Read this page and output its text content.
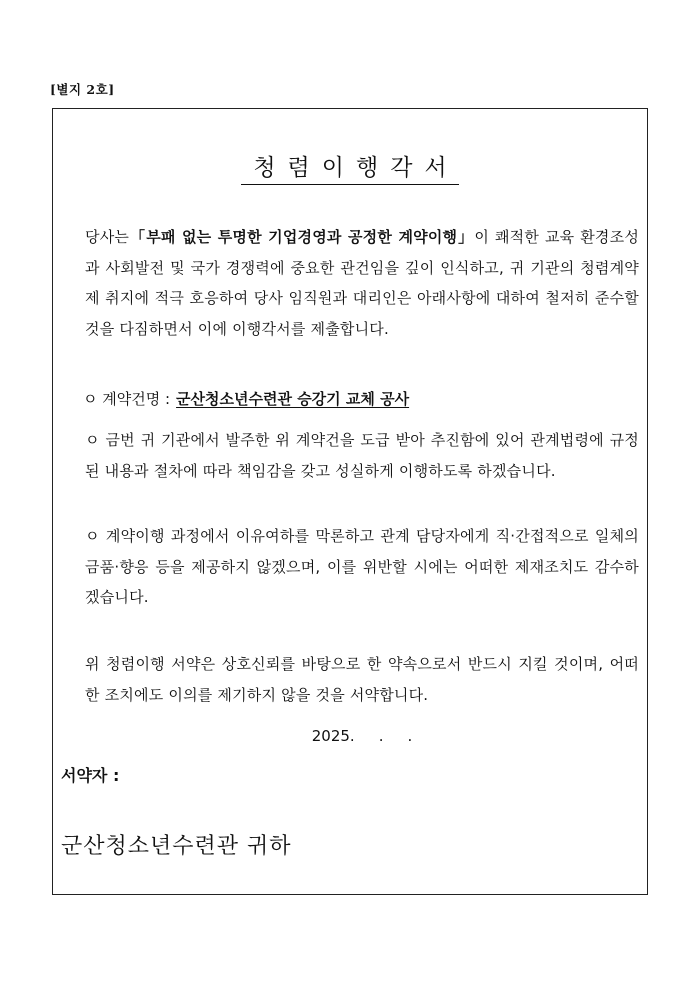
[별지 2호]
청렴이행각서
당사는「부패 없는 투명한 기업경영과 공정한 계약이행」이 쾌적한 교육 환경조성과 사회발전 및 국가 경쟁력에 중요한 관건임을 깊이 인식하고, 귀 기관의 청렴계약제 취지에 적극 호응하여 당사 임직원과 대리인은 아래사항에 대하여 철저히 준수할 것을 다짐하면서 이에 이행각서를 제출합니다.
ㅇ 계약건명 : 군산청소년수련관 승강기 교체 공사
ㅇ 금번 귀 기관에서 발주한 위 계약건을 도급 받아 추진함에 있어 관계법령에 규정된 내용과 절차에 따라 책임감을 갖고 성실하게 이행하도록 하겠습니다.
ㅇ 계약이행 과정에서 이유여하를 막론하고 관계 담당자에게 직·간접적으로 일체의 금품·향응 등을 제공하지 않겠으며, 이를 위반할 시에는 어떠한 제재조치도 감수하겠습니다.
위 청렴이행 서약은 상호신뢰를 바탕으로 한 약속으로서 반드시 지킬 것이며, 어떠한 조치에도 이의를 제기하지 않을 것을 서약합니다.
2025. . .
서약자 :
군산청소년수련관 귀하
